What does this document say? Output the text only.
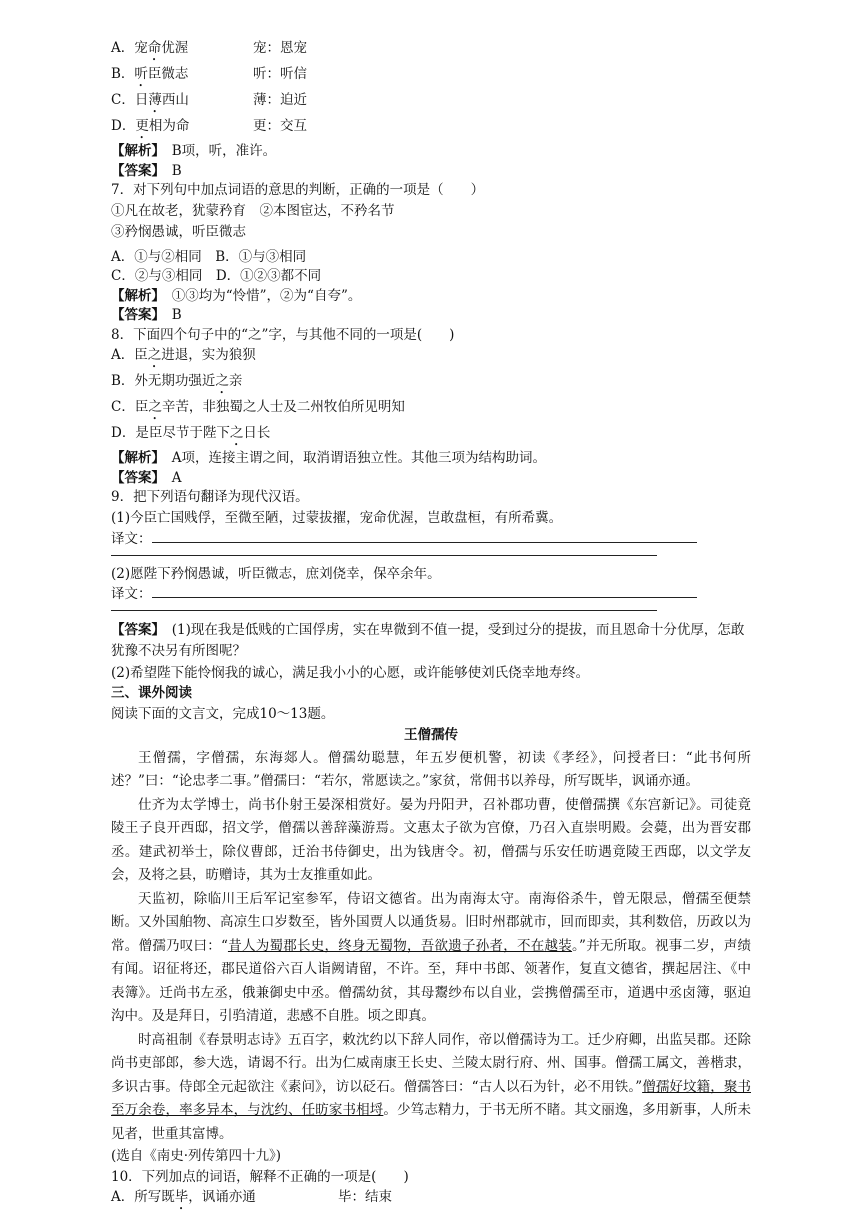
A．宠命优渥	宠：恩宠
B．听臣微志	听：听信
C．日薄西山	薄：迫近
D．更相为命	更：交互
【解析】　 B项，听，准许。
【答案】　 B
7．对下列句中加点词语的意思的判断，正确的一项是（　　）
①凡在故老，犹蒙矜育　②本图宦达，不矜名节
③矜悯愚诚，听臣微志
A．①与②相同　B．①与③相同
C．②与③相同　D．①②③都不同
【解析】　 ①③均为“怜惜”，②为“自夸”。
【答案】　 B
8．下面四个句子中的“之”字，与其他不同的一项是(　　)
A．臣之进退，实为狼狈
B．外无期功强近之亲
C．臣之辛苦，非独蜀之人士及二州牧伯所见明知
D．是臣尽节于陛下之日长
【解析】　 A项，连接主谓之间，取消谓语独立性。其他三项为结构助词。
【答案】　 A
9．把下列语句翻译为现代汉语。
(1)今臣亡国贱俘，至微至陋，过蒙拔擢，宠命优渥，岂敢盘桓，有所希冀。
译文：
(2)愿陛下矜悯愚诚，听臣微志，庶刘侥幸，保卒余年。
译文：
【答案】　 (1)现在我是低贱的亡国俘虏，实在卑微到不值一提，受到过分的提拔，而且恩命十分优厚，怎敢犹豫不决另有所图呢？
(2)希望陛下能怜悯我的诚心，满足我小小的心愿，或许能够使刘氏侥幸地寿终。
三、课外阅读
阅读下面的文言文，完成10～13题。
王僧孺传
王僧孺，字僧孺，东海郯人。僧孺幼聪慧，年五岁便机警，初读《孝经》，问授者曰：“此书何所述？”曰：“论忠孝二事。”僧孺曰：“若尔，常愿读之。”家贫，常佣书以养母，所写既毕，讽诵亦通。
仕齐为太学博士，尚书仆射王晏深相赏好。晏为丹阳尹，召补郡功曹，使僧孺撰《东宫新记》。司徒竟陵王子良开西邸，招文学，僧孺以善辞藻游焉。文惠太子欲为宫僚，乃召入直崇明殿。会薨，出为晋安郡丞。建武初举士，除仪曹郎，迁治书侍御史，出为钱唐令。初，僧孺与乐安任昉遇竟陵王西邸，以文学友会，及将之县，昉赠诗，其为士友推重如此。
天监初，除临川王后军记室参军，侍诏文德省。出为南海太守。南海俗杀牛，曾无限忌，僧孺至便禁断。又外国舶物、高凉生口岁数至，皆外国贾人以通货易。旧时州郡就市，回而即卖，其利数倍，历政以为常。僧孺乃叹曰：“昔人为蜀郡长史，终身无蜀物，吾欲遗子孙者，不在越装。”并无所取。视事二岁，声绩有闻。诏征将还，郡民道俗六百人诣阙请留，不许。至，拜中书郎、领著作，复直文德省，撰起居注、《中表簿》。迁尚书左丞，俄兼御史中丞。僧孺幼贫，其母鬻纱布以自业，尝携僧孺至市，道遇中丞卤簿，驱迫沟中。及是拜日，引驺清道，悲感不自胜。顷之即真。
时高祖制《春景明志诗》五百字，敕沈约以下辞人同作，帝以僧孺诗为工。迁少府卿，出监吴郡。还除尚书吏部郎，参大选，请谒不行。出为仁威南康王长史、兰陵太尉行府、州、国事。僧孺工属文，善楷隶，多识古事。侍郎全元起欲注《素问》，访以砭石。僧孺答曰：“古人以石为针，必不用铁。”僧孺好坟籍，聚书至万余卷，率多异本，与沈约、任昉家书相埒。少笃志精力，于书无所不睹。其文丽逸，多用新事，人所未见者，世重其富博。
(选自《南史·列传第四十九》)
10．下列加点的词语，解释不正确的一项是(　　)
A．所写既毕，讽诵亦通	毕：结束
